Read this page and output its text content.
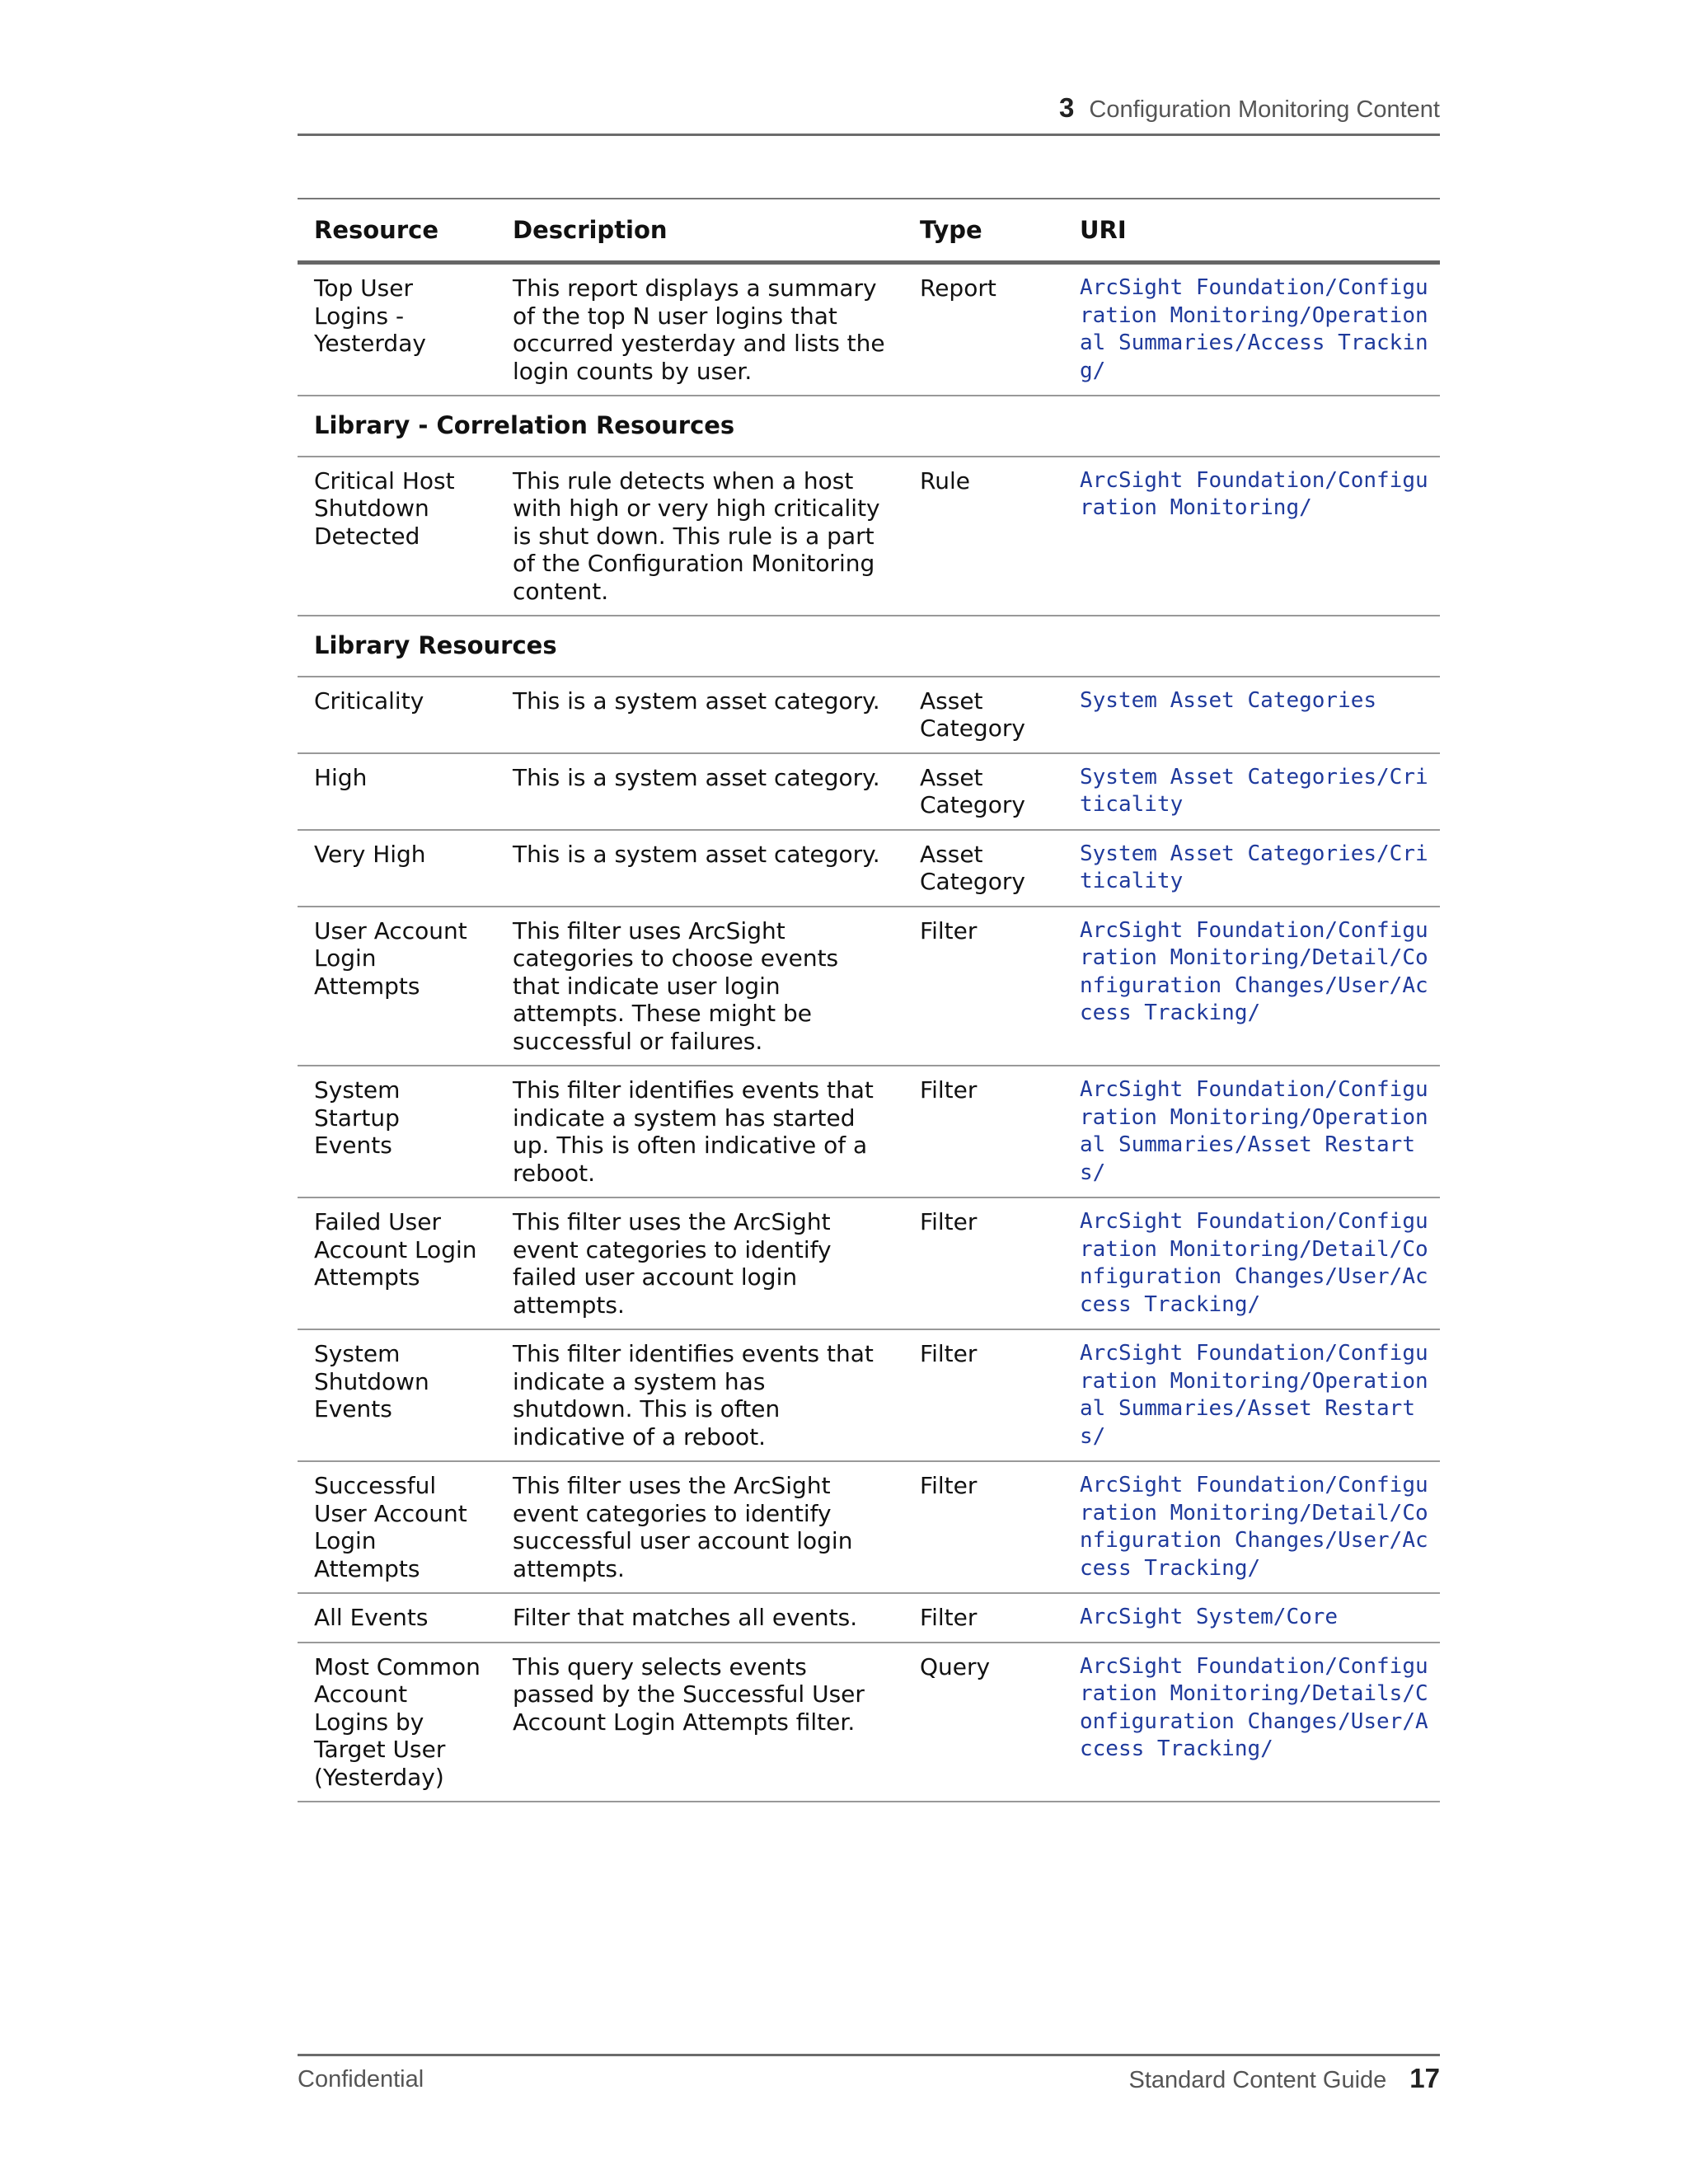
3 Configuration Monitoring Content
Resource	Description	Type	URI
Top User Logins - Yesterday	This report displays a summary of the top N user logins that occurred yesterday and lists the login counts by user.	Report	ArcSight Foundation/Configuration Monitoring/Operational Summaries/Access Tracking/
Library - Correlation Resources			
Critical Host Shutdown Detected	This rule detects when a host with high or very high criticality is shut down. This rule is a part of the Configuration Monitoring content.	Rule	ArcSight Foundation/Configuration Monitoring/
Library Resources			
Criticality	This is a system asset category.	Asset Category	System Asset Categories
High	This is a system asset category.	Asset Category	System Asset Categories/Criticality
Very High	This is a system asset category.	Asset Category	System Asset Categories/Criticality
User Account Login Attempts	This filter uses ArcSight categories to choose events that indicate user login attempts. These might be successful or failures.	Filter	ArcSight Foundation/Configuration Monitoring/Detail/Configuration Changes/User/Access Tracking/
System Startup Events	This filter identifies events that indicate a system has started up. This is often indicative of a reboot.	Filter	ArcSight Foundation/Configuration Monitoring/Operational Summaries/Asset Restarts/
Failed User Account Login Attempts	This filter uses the ArcSight event categories to identify failed user account login attempts.	Filter	ArcSight Foundation/Configuration Monitoring/Detail/Configuration Changes/User/Access Tracking/
System Shutdown Events	This filter identifies events that indicate a system has shutdown. This is often indicative of a reboot.	Filter	ArcSight Foundation/Configuration Monitoring/Operational Summaries/Asset Restarts/
Successful User Account Login Attempts	This filter uses the ArcSight event categories to identify successful user account login attempts.	Filter	ArcSight Foundation/Configuration Monitoring/Detail/Configuration Changes/User/Access Tracking/
All Events	Filter that matches all events.	Filter	ArcSight System/Core
Most Common Account Logins by Target User (Yesterday)	This query selects events passed by the Successful User Account Login Attempts filter.	Query	ArcSight Foundation/Configuration Monitoring/Details/Configuration Changes/User/Access Tracking/
Confidential	Standard Content Guide 17
